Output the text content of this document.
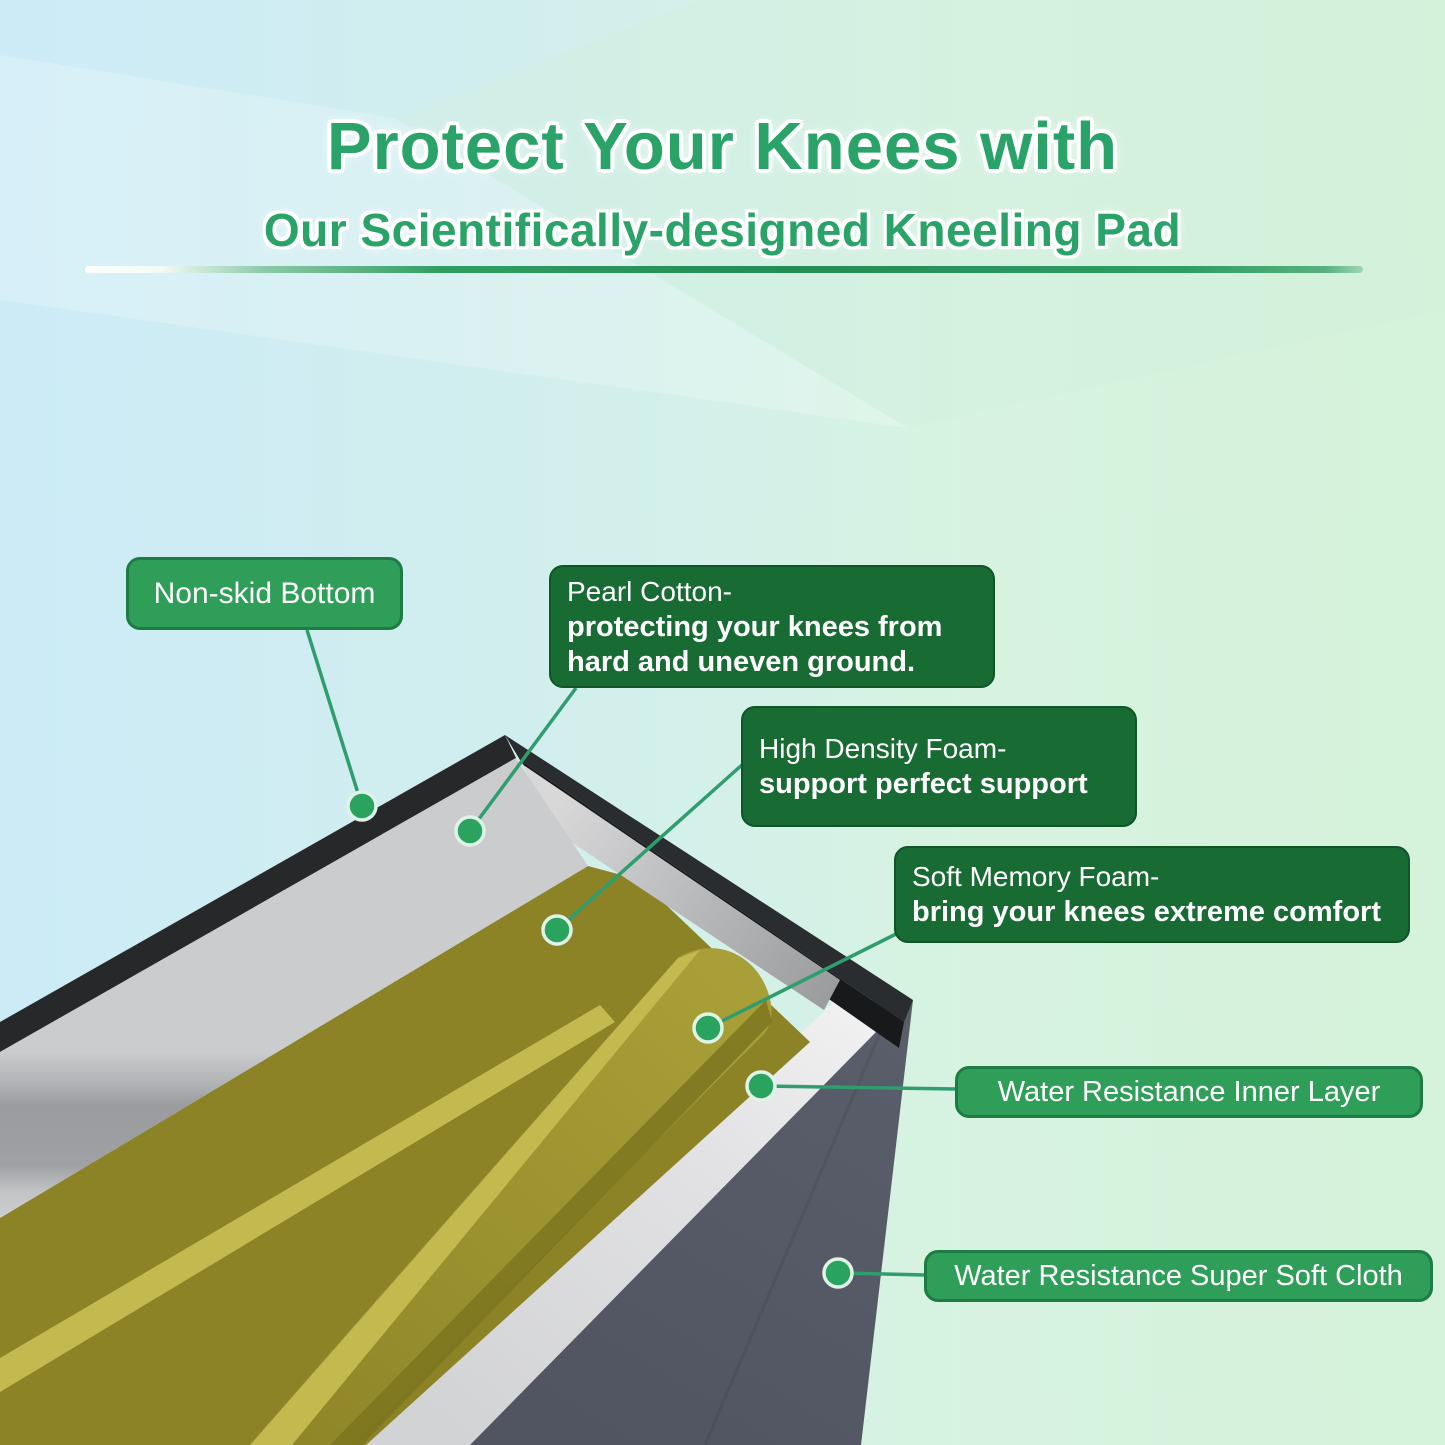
Protect Your Knees with
Our Scientifically-designed Kneeling Pad
Non-skid Bottom	Pearl Cotton-
protecting your knees from
hard and uneven ground.
High Density Foam-
support perfect support
Soft Memory Foam-
bring your knees extreme comfort
Water Resistance Inner Layer
Water Resistance Super Soft Cloth
